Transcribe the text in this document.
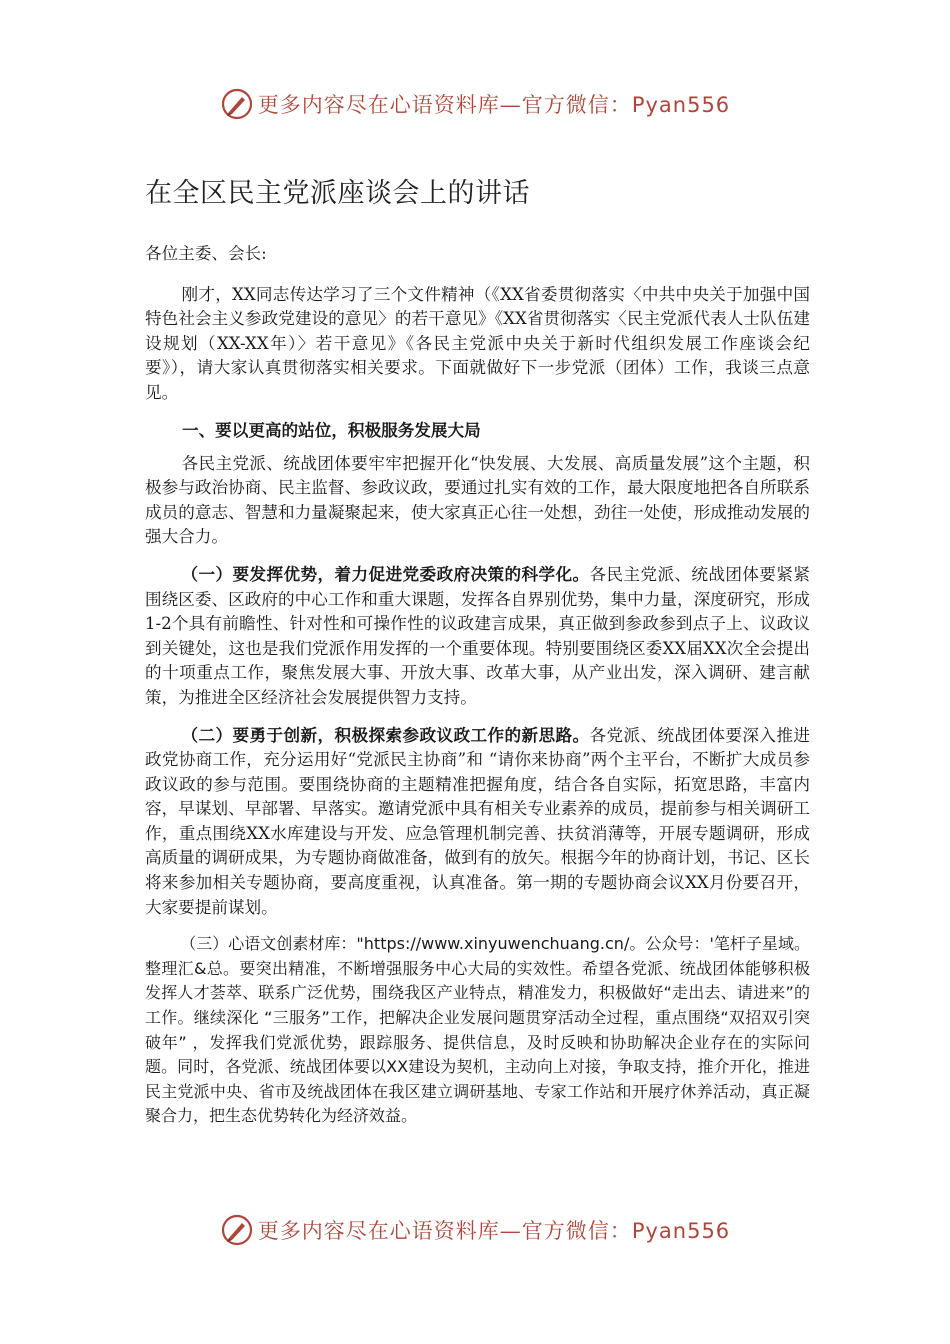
更多内容尽在心语资料库—官方微信：Pyan556
在全区民主党派座谈会上的讲话

各位主委、会长:

刚才，XX同志传达学习了三个文件精神（《XX省委贯彻落实〈中共中央关于加强中国特色社会主义参政党建设的意见〉的若干意见》《XX省贯彻落实〈民主党派代表人士队伍建设规划（XX-XX年）〉若干意见》《各民主党派中央关于新时代组织发展工作座谈会纪要》），请大家认真贯彻落实相关要求。下面就做好下一步党派（团体）工作，我谈三点意见。

一、要以更高的站位，积极服务发展大局

各民主党派、统战团体要牢牢把握开化“快发展、大发展、高质量发展”这个主题，积极参与政治协商、民主监督、参政议政，要通过扎实有效的工作，最大限度地把各自所联系成员的意志、智慧和力量凝聚起来，使大家真正心往一处想，劲往一处使，形成推动发展的强大合力。

（一）要发挥优势，着力促进党委政府决策的科学化。各民主党派、统战团体要紧紧围绕区委、区政府的中心工作和重大课题，发挥各自界别优势，集中力量，深度研究，形成1-2个具有前瞻性、针对性和可操作性的议政建言成果，真正做到参政参到点子上、议政议到关键处，这也是我们党派作用发挥的一个重要体现。特别要围绕区委XX届XX次全会提出的十项重点工作，聚焦发展大事、开放大事、改革大事，从产业出发，深入调研、建言献策，为推进全区经济社会发展提供智力支持。

（二）要勇于创新，积极探索参政议政工作的新思路。各党派、统战团体要深入推进政党协商工作，充分运用好“党派民主协商”和 “请你来协商”两个主平台，不断扩大成员参政议政的参与范围。要围绕协商的主题精准把握角度，结合各自实际，拓宽思路，丰富内容，早谋划、早部署、早落实。邀请党派中具有相关专业素养的成员，提前参与相关调研工作，重点围绕XX水库建设与开发、应急管理机制完善、扶贫消薄等，开展专题调研，形成高质量的调研成果，为专题协商做准备，做到有的放矢。根据今年的协商计划，书记、区长将来参加相关专题协商，要高度重视，认真准备。第一期的专题协商会议XX月份要召开，大家要提前谋划。

（三）心语文创素材库："https://www.xinyuwenchuang.cn/。公众号：'笔杆子星域。整理汇&总。要突出精准，不断增强服务中心大局的实效性。希望各党派、统战团体能够积极发挥人才荟萃、联系广泛优势，围绕我区产业特点，精准发力，积极做好“走出去、请进来”的工作。继续深化 “三服务”工作，把解决企业发展问题贯穿活动全过程，重点围绕“双招双引突破年” ，发挥我们党派优势，跟踪服务、提供信息，及时反映和协助解决企业存在的实际问题。同时，各党派、统战团体要以XX建设为契机，主动向上对接，争取支持，推介开化，推进民主党派中央、省市及统战团体在我区建立调研基地、专家工作站和开展疗休养活动，真正凝聚合力，把生态优势转化为经济效益。

更多内容尽在心语资料库—官方微信：Pyan556
